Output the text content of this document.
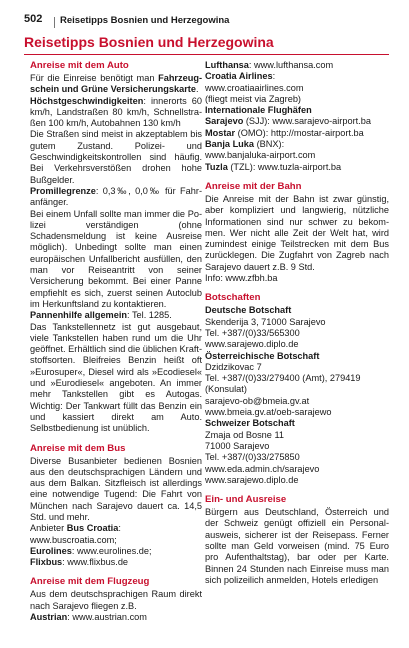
502 Reisetipps Bosnien und Herzegowina
Reisetipps Bosnien und Herzegowina
Anreise mit dem Auto

Für die Einreise benötigt man Fahrzeugschein und Grüne Versicherungskarte.

Höchstgeschwindigkeiten: innerorts 60 km/h, Landstraßen 80 km/h, Schnellstraßen 100 km/h, Autobahnen 130 km/h

Die Straßen sind meist in akzeptablem bis gutem Zustand. Polizei- und Geschwindigkeitskontrollen sind häufig. Bei Verkehrsverstößen drohen hohe Bußgelder.

Promillegrenze: 0,3‰, 0,0‰ für Fahranfänger.

Bei einem Unfall sollte man immer die Polizei verständigen (ohne Schadensmeldung ist keine Ausreise möglich). Unbedingt sollte man einen europäischen Unfallbericht ausfüllen, den man vor Reiseantritt von seiner Versicherung bekommt. Bei einer Panne empfiehlt es sich, zuerst seinen Autoclub im Herkunftsland zu kontaktieren.

Pannenhilfe allgemein: Tel. 1285.

Das Tankstellennetz ist gut ausgebaut, viele Tankstellen haben rund um die Uhr geöffnet. Erhältlich sind die üblichen Kraftstoffsorten. Bleifreies Benzin heißt oft »Eurosuper«, Diesel wird als »Ecodiesel« und »Eurodiesel« angeboten. An immer mehr Tankstellen gibt es Autogas. Wichtig: Der Tankwart füllt das Benzin ein und kassiert direkt am Auto. Selbstbedienung ist unüblich.

Anreise mit dem Bus

Diverse Busanbieter bedienen Bosnien aus den deutschsprachigen Ländern und aus dem Balkan. Sitzfleisch ist allerdings eine notwendige Tugend: Die Fahrt von München nach Sarajevo dauert ca. 14,5 Std. und mehr.

Anbieter Bus Croatia:
www.buscroatia.com;
Eurolines: www.eurolines.de;
Flixbus: www.flixbus.de
Anreise mit dem Flugzeug

Aus dem deutschsprachigen Raum direkt nach Sarajevo fliegen z.B.

Austrian: www.austrian.com
Lufthansa: www.lufthansa.com
Croatia Airlines:
www.croatiaairlines.com
(fliegt meist via Zagreb)
Internationale Flughäfen
Sarajevo (SJJ): www.sarajevo-airport.ba
Mostar (OMO): http://mostar-airport.ba
Banja Luka (BNX):
www.banjaluka-airport.com
Tuzla (TZL): www.tuzla-airport.ba
Anreise mit der Bahn

Die Anreise mit der Bahn ist zwar günstig, aber kompliziert und langwierig, nützliche Informationen sind nur schwer zu bekommen. Wer nicht alle Zeit der Welt hat, wird zumindest einige Teilstrecken mit dem Bus zurücklegen. Die Zugfahrt von Zagreb nach Sarajevo dauert z.B. 9 Std.

Info: www.zfbh.ba
Botschaften
Deutsche Botschaft
Skenderija 3, 71000 Sarajevo
Tel. +387/(0)33/565300
www.sarajewo.diplo.de
Österreichische Botschaft
Dzidzikovac 7
Tel. +387/(0)33/279400 (Amt), 279419
(Konsulat)
sarajevo-ob@bmeia.gv.at
www.bmeia.gv.at/oeb-sarajewo
Schweizer Botschaft
Zmaja od Bosne 11
71000 Sarajevo
Tel. +387/(0)33/275850
www.eda.admin.ch/sarajevo
www.sarajewo.diplo.de
Ein- und Ausreise

Bürgern aus Deutschland, Österreich und der Schweiz genügt offiziell ein Personalausweis, sicherer ist der Reisepass. Ferner sollte man Geld vorweisen (mind. 75 Euro pro Aufenthaltstag), bar oder per Karte. Binnen 24 Stunden nach Einreise muss man sich polizeilich anmelden, Hotels erledigen
